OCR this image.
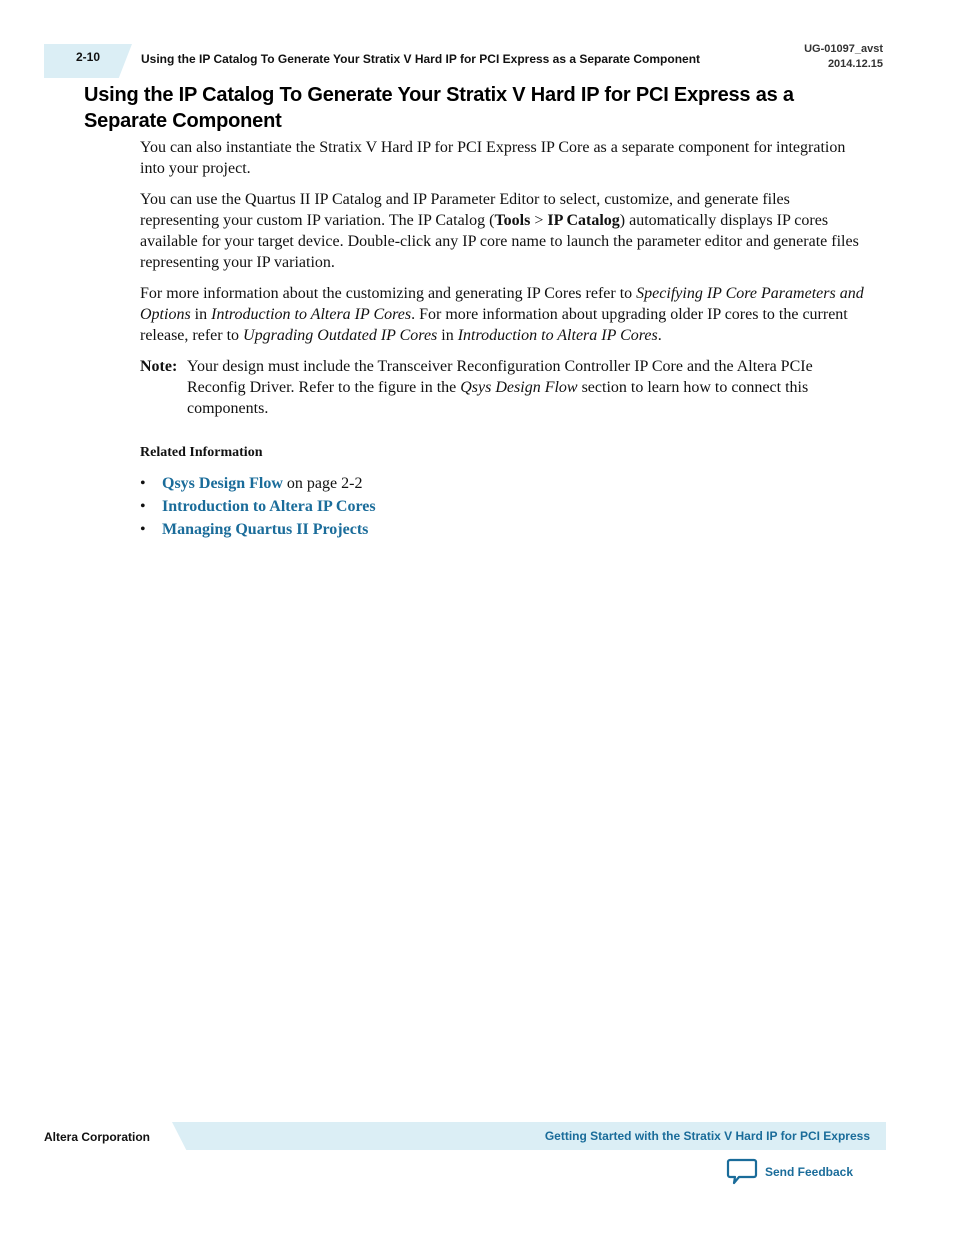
2-10	Using the IP Catalog To Generate Your Stratix V Hard IP for PCI Express as a Separate Component
UG-01097_avst
2014.12.15
Using the IP Catalog To Generate Your Stratix V Hard IP for PCI Express as a Separate Component

You can also instantiate the Stratix V Hard IP for PCI Express IP Core as a separate component for integration into your project.

You can use the Quartus II IP Catalog and IP Parameter Editor to select, customize, and generate files representing your custom IP variation. The IP Catalog (Tools > IP Catalog) automatically displays IP cores available for your target device. Double-click any IP core name to launch the parameter editor and generate files representing your IP variation.

For more information about the customizing and generating IP Cores refer to Specifying IP Core Parameters and Options in Introduction to Altera IP Cores. For more information about upgrading older IP cores to the current release, refer to Upgrading Outdated IP Cores in Introduction to Altera IP Cores.

Note: Your design must include the Transceiver Reconfiguration Controller IP Core and the Altera PCIe Reconfig Driver. Refer to the figure in the Qsys Design Flow section to learn how to connect this components.
Related Information
• Qsys Design Flow on page 2-2
• Introduction to Altera IP Cores
• Managing Quartus II Projects
Altera Corporation	Getting Started with the Stratix V Hard IP for PCI Express
Send Feedback
